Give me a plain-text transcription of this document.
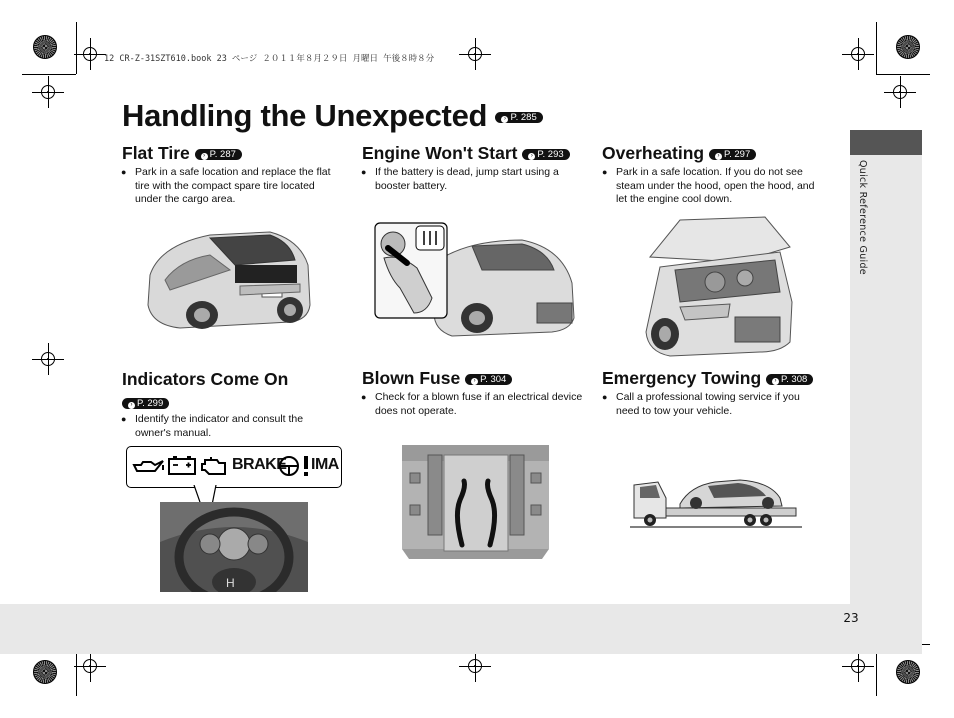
Quick Reference Guide
23
12 CR-Z-31SZT610.book 23 ページ ２０１１年８月２９日 月曜日 午後８時８分
Handling the Unexpected	› P. 285
Flat Tire › P. 287
● Park in a safe location and replace the flat tire with the compact spare tire located under the cargo area.
Engine Won't Start › P. 293
● If the battery is dead, jump start using a booster battery.
Overheating › P. 297
● Park in a safe location. If you do not see steam under the hood, open the hood, and let the engine cool down.
Indicators Come On
› P. 299
● Identify the indicator and consult the owner's manual.
BRAKE IMA
H
Blown Fuse › P. 304
● Check for a blown fuse if an electrical device does not operate.
Emergency Towing › P. 308
● Call a professional towing service if you need to tow your vehicle.
